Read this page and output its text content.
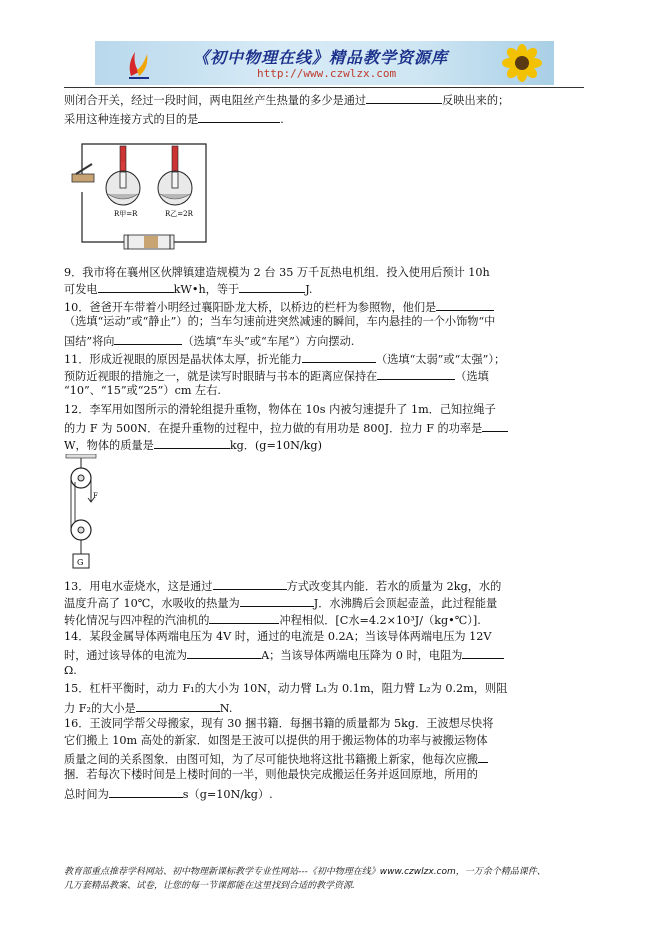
《初中物理在线》精品教学资源库
http://www.czwlzx.com
则闭合开关，经过一段时间，两电阻丝产生热量的多少是通过	反映出来的；
采用这种连接方式的目的是	.
R甲=R	R乙=2R
9．我市将在襄州区伙牌镇建造规模为 2 台 35 万千瓦热电机组．投入使用后预计 10h
可发电	kW•h，等于	J.
10．爸爸开车带着小明经过襄阳卧龙大桥，以桥边的栏杆为参照物，他们是
（选填“运动”或“静止”）的；当车匀速前进突然减速的瞬间，车内悬挂的一个小饰物“中
国结”将向	（选填“车头”或“车尾”）方向摆动.
11．形成近视眼的原因是晶状体太厚，折光能力	（选填“太弱”或“太强”）；
预防近视眼的措施之一，就是读写时眼睛与书本的距离应保持在	（选填
“10”、“15”或“25”）cm 左右.
12．李军用如图所示的滑轮组提升重物，物体在 10s 内被匀速提升了 1m．己知拉绳子
的力 F 为 500N．在提升重物的过程中，拉力做的有用功是 800J．拉力 F 的功率是
W，物体的质量是	kg．(g=10N/kg)
F
G
13．用电水壶烧水，这是通过	方式改变其内能．若水的质量为 2kg，水的
温度升高了 10℃，水吸收的热量为	J．水沸腾后会顶起壶盖，此过程能量
转化情况与四冲程的汽油机的	冲程相似．[C水=4.2×10³J/（kg•℃）].
14．某段金属导体两端电压为 4V 时，通过的电流是 0.2A；当该导体两端电压为 12V
时，通过该导体的电流为	A；当该导体两端电压降为 0 时，电阻为
Ω.
15．杠杆平衡时，动力 F₁的大小为 10N，动力臂 L₁为 0.1m，阻力臂 L₂为 0.2m，则阻
力 F₂的大小是	N.
16．王波同学帮父母搬家，现有 30 捆书籍．每捆书籍的质量都为 5kg．王波想尽快将
它们搬上 10m 高处的新家．如图是王波可以提供的用于搬运物体的功率与被搬运物体
质量之间的关系图象．由图可知，为了尽可能快地将这批书籍搬上新家，他每次应搬
捆．若每次下楼时间是上楼时间的一半，则他最快完成搬运任务并返回原地，所用的
总时间为	s（g=10N/kg）.
教育部重点推荐学科网站、初中物理新课标教学专业性网站---《初中物理在线》www.czwlzx.com，一万余个精品课件、
几万套精品教案、试卷，让您的每一节课都能在这里找到合适的教学资源.
